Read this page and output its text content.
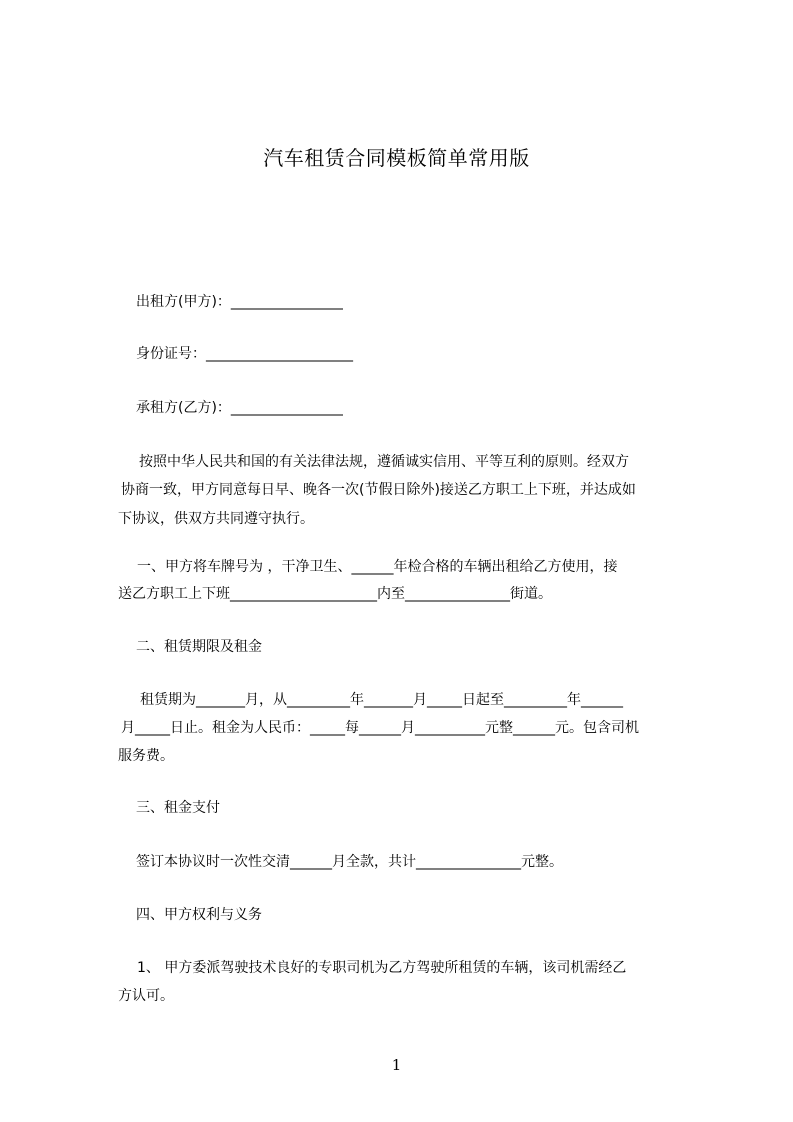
汽车租赁合同模板简单常用版
出租方(甲方)：________________
身份证号：_____________________
承租方(乙方)：________________
按照中华人民共和国的有关法律法规，遵循诚实信用、平等互利的原则。经双方
协商一致，甲方同意每日早、晚各一次(节假日除外)接送乙方职工上下班，并达成如
下协议，供双方共同遵守执行。
一、甲方将车牌号为 ，干净卫生、______年检合格的车辆出租给乙方使用，接
送乙方职工上下班_____________________内至_______________街道。
二、租赁期限及租金
租赁期为_______月，从_________年_______月_____日起至_________年______
月_____日止。租金为人民币：_____每______月__________元整______元。包含司机
服务费。
三、租金支付
签订本协议时一次性交清______月全款，共计_______________元整。
四、甲方权利与义务
1、 甲方委派驾驶技术良好的专职司机为乙方驾驶所租赁的车辆，该司机需经乙
方认可。
1
